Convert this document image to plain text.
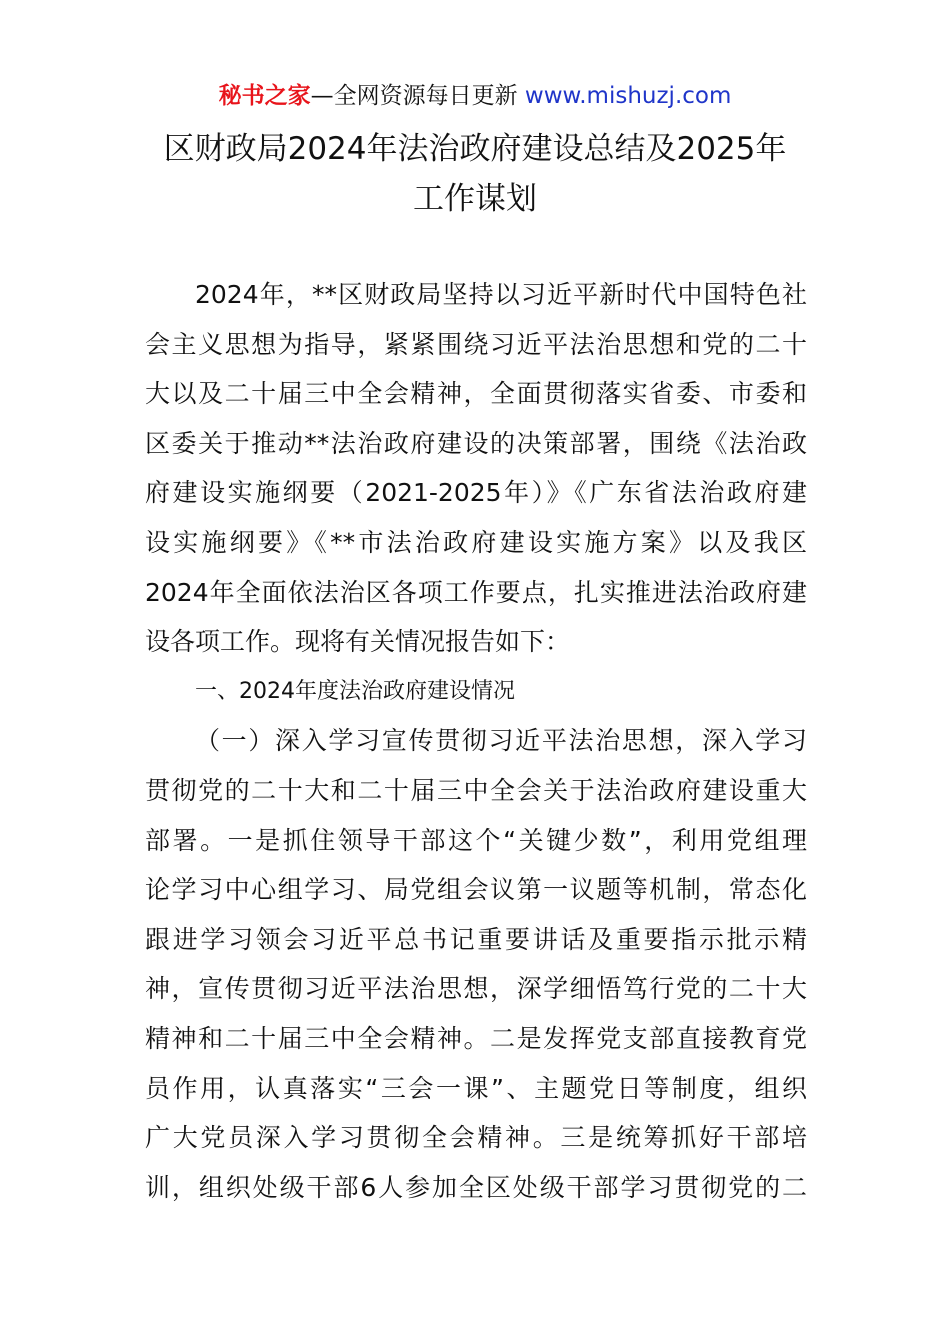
秘书之家—全网资源每日更新 www.mishuzj.com
区财政局2024年法治政府建设总结及2025年
工作谋划
2024年，**区财政局坚持以习近平新时代中国特色社
会主义思想为指导，紧紧围绕习近平法治思想和党的二十
大以及二十届三中全会精神，全面贯彻落实省委、市委和
区委关于推动**法治政府建设的决策部署，围绕《法治政
府建设实施纲要（2021-2025年）》《广东省法治政府建
设实施纲要》《**市法治政府建设实施方案》以及我区
2024年全面依法治区各项工作要点，扎实推进法治政府建
设各项工作。现将有关情况报告如下：
一、2024年度法治政府建设情况
（一）深入学习宣传贯彻习近平法治思想，深入学习
贯彻党的二十大和二十届三中全会关于法治政府建设重大
部署。一是抓住领导干部这个“关键少数”，利用党组理
论学习中心组学习、局党组会议第一议题等机制，常态化
跟进学习领会习近平总书记重要讲话及重要指示批示精
神，宣传贯彻习近平法治思想，深学细悟笃行党的二十大
精神和二十届三中全会精神。二是发挥党支部直接教育党
员作用，认真落实“三会一课”、主题党日等制度，组织
广大党员深入学习贯彻全会精神。三是统筹抓好干部培
训，组织处级干部6人参加全区处级干部学习贯彻党的二
